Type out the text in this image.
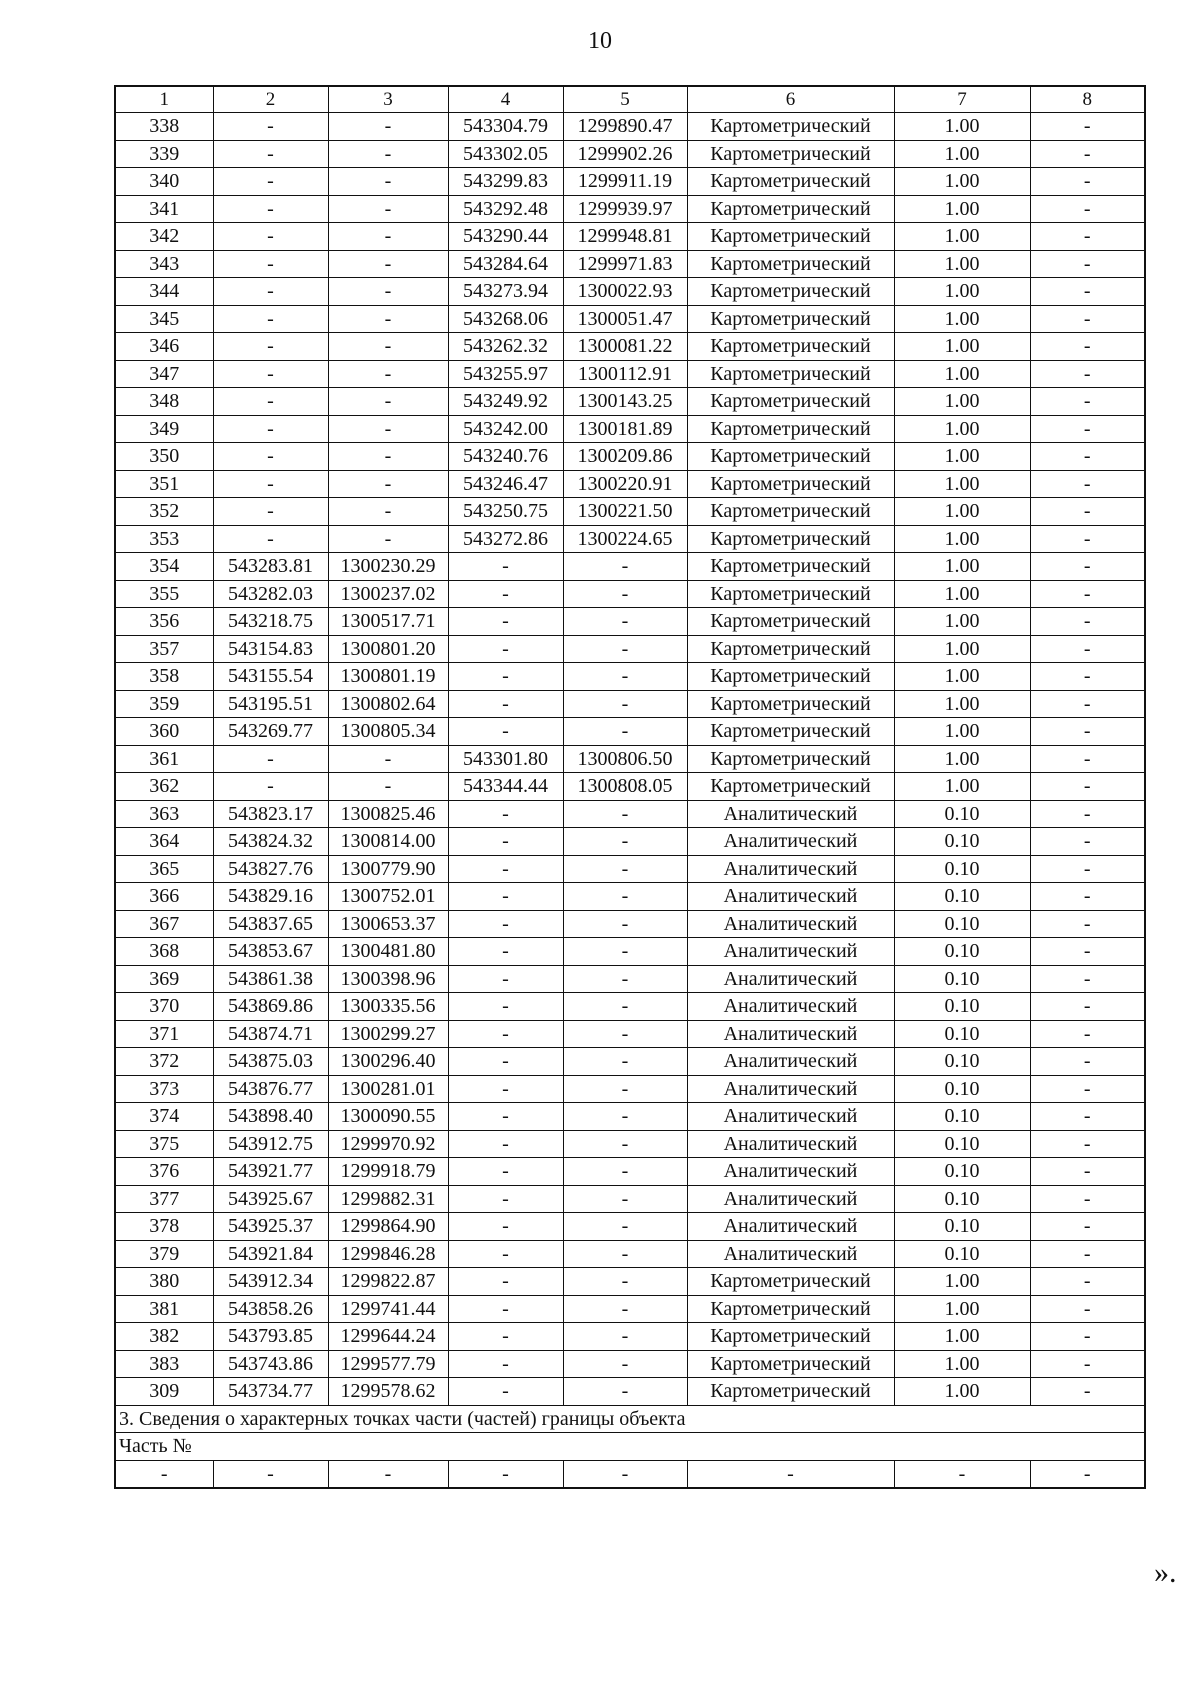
10
1	2	3	4	5	6	7	8
338	-	-	543304.79	1299890.47	Картометрический	1.00	-
339	-	-	543302.05	1299902.26	Картометрический	1.00	-
340	-	-	543299.83	1299911.19	Картометрический	1.00	-
341	-	-	543292.48	1299939.97	Картометрический	1.00	-
342	-	-	543290.44	1299948.81	Картометрический	1.00	-
343	-	-	543284.64	1299971.83	Картометрический	1.00	-
344	-	-	543273.94	1300022.93	Картометрический	1.00	-
345	-	-	543268.06	1300051.47	Картометрический	1.00	-
346	-	-	543262.32	1300081.22	Картометрический	1.00	-
347	-	-	543255.97	1300112.91	Картометрический	1.00	-
348	-	-	543249.92	1300143.25	Картометрический	1.00	-
349	-	-	543242.00	1300181.89	Картометрический	1.00	-
350	-	-	543240.76	1300209.86	Картометрический	1.00	-
351	-	-	543246.47	1300220.91	Картометрический	1.00	-
352	-	-	543250.75	1300221.50	Картометрический	1.00	-
353	-	-	543272.86	1300224.65	Картометрический	1.00	-
354	543283.81	1300230.29	-	-	Картометрический	1.00	-
355	543282.03	1300237.02	-	-	Картометрический	1.00	-
356	543218.75	1300517.71	-	-	Картометрический	1.00	-
357	543154.83	1300801.20	-	-	Картометрический	1.00	-
358	543155.54	1300801.19	-	-	Картометрический	1.00	-
359	543195.51	1300802.64	-	-	Картометрический	1.00	-
360	543269.77	1300805.34	-	-	Картометрический	1.00	-
361	-	-	543301.80	1300806.50	Картометрический	1.00	-
362	-	-	543344.44	1300808.05	Картометрический	1.00	-
363	543823.17	1300825.46	-	-	Аналитический	0.10	-
364	543824.32	1300814.00	-	-	Аналитический	0.10	-
365	543827.76	1300779.90	-	-	Аналитический	0.10	-
366	543829.16	1300752.01	-	-	Аналитический	0.10	-
367	543837.65	1300653.37	-	-	Аналитический	0.10	-
368	543853.67	1300481.80	-	-	Аналитический	0.10	-
369	543861.38	1300398.96	-	-	Аналитический	0.10	-
370	543869.86	1300335.56	-	-	Аналитический	0.10	-
371	543874.71	1300299.27	-	-	Аналитический	0.10	-
372	543875.03	1300296.40	-	-	Аналитический	0.10	-
373	543876.77	1300281.01	-	-	Аналитический	0.10	-
374	543898.40	1300090.55	-	-	Аналитический	0.10	-
375	543912.75	1299970.92	-	-	Аналитический	0.10	-
376	543921.77	1299918.79	-	-	Аналитический	0.10	-
377	543925.67	1299882.31	-	-	Аналитический	0.10	-
378	543925.37	1299864.90	-	-	Аналитический	0.10	-
379	543921.84	1299846.28	-	-	Аналитический	0.10	-
380	543912.34	1299822.87	-	-	Картометрический	1.00	-
381	543858.26	1299741.44	-	-	Картометрический	1.00	-
382	543793.85	1299644.24	-	-	Картометрический	1.00	-
383	543743.86	1299577.79	-	-	Картометрический	1.00	-
309	543734.77	1299578.62	-	-	Картометрический	1.00	-
3. Сведения о характерных точках части (частей) границы объекта							
Часть №							
-	-	-	-	-	-	-	-
».
